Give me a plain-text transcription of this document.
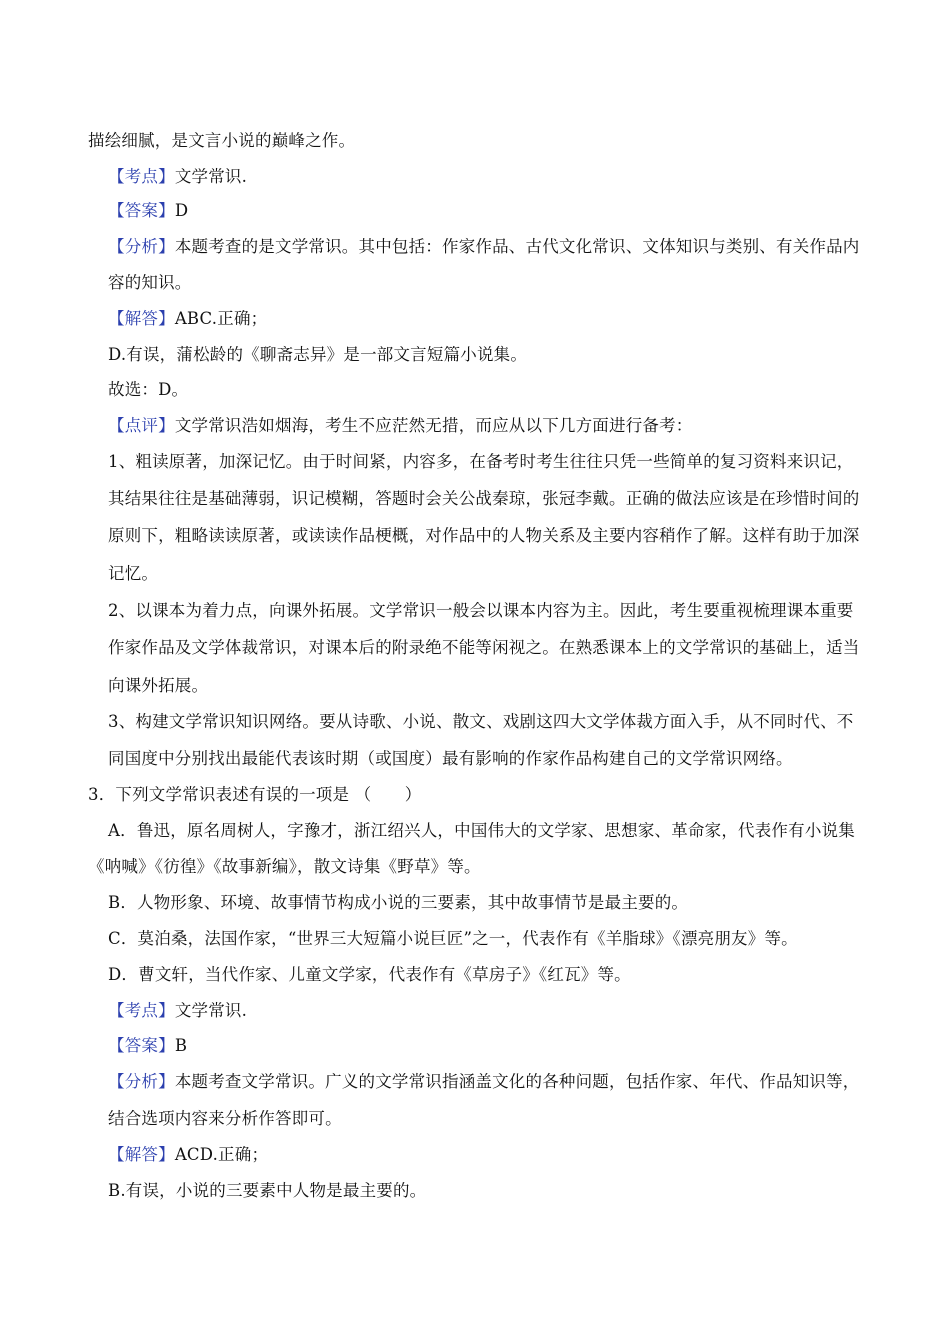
描绘细腻，是文言小说的巅峰之作。
【考点】文学常识.
【答案】D
【分析】本题考查的是文学常识。其中包括：作家作品、古代文化常识、文体知识与类别、有关作品内
容的知识。
【解答】ABC.正确；
D.有误，蒲松龄的《聊斋志异》是一部文言短篇小说集。
故选：D。
【点评】文学常识浩如烟海，考生不应茫然无措，而应从以下几方面进行备考：
1、粗读原著，加深记忆。由于时间紧，内容多，在备考时考生往往只凭一些简单的复习资料来识记，
其结果往往是基础薄弱，识记模糊，答题时会关公战秦琼，张冠李戴。正确的做法应该是在珍惜时间的
原则下，粗略读读原著，或读读作品梗概，对作品中的人物关系及主要内容稍作了解。这样有助于加深
记忆。
2、以课本为着力点，向课外拓展。文学常识一般会以课本内容为主。因此，考生要重视梳理课本重要
作家作品及文学体裁常识，对课本后的附录绝不能等闲视之。在熟悉课本上的文学常识的基础上，适当
向课外拓展。
3、构建文学常识知识网络。要从诗歌、小说、散文、戏剧这四大文学体裁方面入手，从不同时代、不
同国度中分别找出最能代表该时期（或国度）最有影响的作家作品构建自己的文学常识网络。
3．下列文学常识表述有误的一项是 （　　）
A．鲁迅，原名周树人，字豫才，浙江绍兴人，中国伟大的文学家、思想家、革命家，代表作有小说集
《呐喊》《彷徨》《故事新编》，散文诗集《野草》等。
B．人物形象、环境、故事情节构成小说的三要素，其中故事情节是最主要的。
C．莫泊桑，法国作家，“世界三大短篇小说巨匠”之一，代表作有《羊脂球》《漂亮朋友》等。
D．曹文轩，当代作家、儿童文学家，代表作有《草房子》《红瓦》等。
【考点】文学常识.
【答案】B
【分析】本题考查文学常识。广义的文学常识指涵盖文化的各种问题，包括作家、年代、作品知识等，
结合选项内容来分析作答即可。
【解答】ACD.正确；
B.有误，小说的三要素中人物是最主要的。
